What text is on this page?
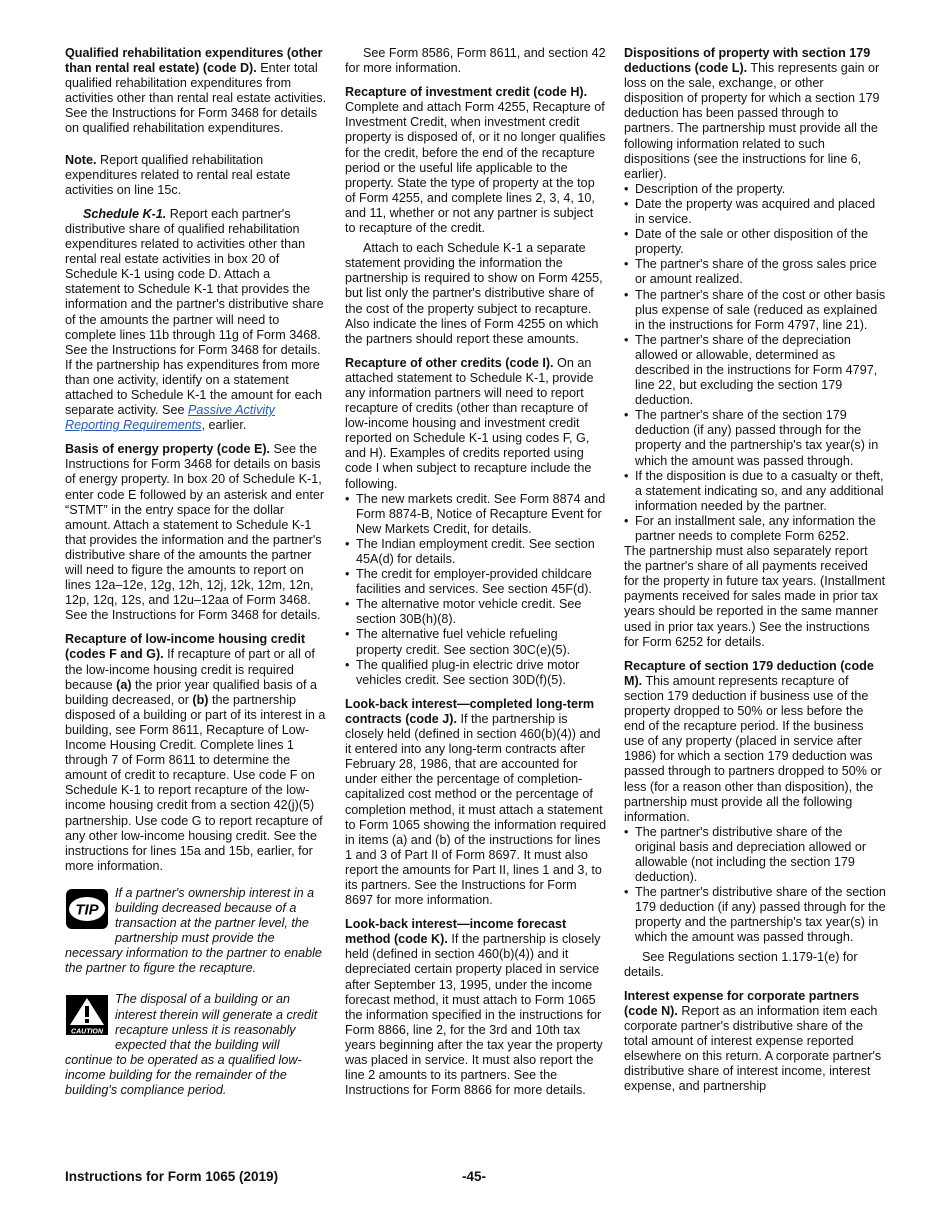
Qualified rehabilitation expenditures (other than rental real estate) (code D). Enter total qualified rehabilitation expenditures from activities other than rental real estate activities. See the Instructions for Form 3468 for details on qualified rehabilitation expenditures.

Note. Report qualified rehabilitation expenditures related to rental real estate activities on line 15c.

Schedule K-1. Report each partner's distributive share of qualified rehabilitation expenditures related to activities other than rental real estate activities in box 20 of Schedule K-1 using code D. Attach a statement to Schedule K-1 that provides the information and the partner's distributive share of the amounts the partner will need to complete lines 11b through 11g of Form 3468. See the Instructions for Form 3468 for details. If the partnership has expenditures from more than one activity, identify on a statement attached to Schedule K-1 the amount for each separate activity. See Passive Activity Reporting Requirements, earlier.

Basis of energy property (code E). See the Instructions for Form 3468 for details on basis of energy property. In box 20 of Schedule K-1, enter code E followed by an asterisk and enter “STMT” in the entry space for the dollar amount. Attach a statement to Schedule K-1 that provides the information and the partner's distributive share of the amounts the partner will need to figure the amounts to report on lines 12a–12e, 12g, 12h, 12j, 12k, 12m, 12n, 12p, 12q, 12s, and 12u–12aa of Form 3468. See the Instructions for Form 3468 for details.

Recapture of low-income housing credit (codes F and G). If recapture of part or all of the low-income housing credit is required because (a) the prior year qualified basis of a building decreased, or (b) the partnership disposed of a building or part of its interest in a building, see Form 8611, Recapture of Low-Income Housing Credit. Complete lines 1 through 7 of Form 8611 to determine the amount of credit to recapture. Use code F on Schedule K-1 to report recapture of the low-income housing credit from a section 42(j)(5) partnership. Use code G to report recapture of any other low-income housing credit. See the instructions for lines 15a and 15b, earlier, for more information.

TIP
If a partner's ownership interest in a building decreased because of a transaction at the partner level, the partnership must provide the necessary information to the partner to enable the partner to figure the recapture.
CAUTION
The disposal of a building or an interest therein will generate a credit recapture unless it is reasonably expected that the building will continue to be operated as a qualified low-income building for the remainder of the building's compliance period.

See Form 8586, Form 8611, and section 42 for more information.

Recapture of investment credit (code H). Complete and attach Form 4255, Recapture of Investment Credit, when investment credit property is disposed of, or it no longer qualifies for the credit, before the end of the recapture period or the useful life applicable to the property. State the type of property at the top of Form 4255, and complete lines 2, 3, 4, 10, and 11, whether or not any partner is subject to recapture of the credit.

Attach to each Schedule K-1 a separate statement providing the information the partnership is required to show on Form 4255, but list only the partner's distributive share of the cost of the property subject to recapture. Also indicate the lines of Form 4255 on which the partners should report these amounts.

Recapture of other credits (code I). On an attached statement to Schedule K-1, provide any information partners will need to report recapture of credits (other than recapture of low-income housing and investment credit reported on Schedule K-1 using codes F, G, and H). Examples of credits reported using code I when subject to recapture include the following.

• The new markets credit. See Form 8874 and Form 8874-B, Notice of Recapture Event for New Markets Credit, for details.
• The Indian employment credit. See section 45A(d) for details.
• The credit for employer-provided childcare facilities and services. See section 45F(d).
• The alternative motor vehicle credit. See section 30B(h)(8).
• The alternative fuel vehicle refueling property credit. See section 30C(e)(5).
• The qualified plug-in electric drive motor vehicles credit. See section 30D(f)(5).

Look-back interest—completed long-term contracts (code J). If the partnership is closely held (defined in section 460(b)(4)) and it entered into any long-term contracts after February 28, 1986, that are accounted for under either the percentage of completion-capitalized cost method or the percentage of completion method, it must attach a statement to Form 1065 showing the information required in items (a) and (b) of the instructions for lines 1 and 3 of Part II of Form 8697. It must also report the amounts for Part II, lines 1 and 3, to its partners. See the Instructions for Form 8697 for more information.

Look-back interest—income forecast method (code K). If the partnership is closely held (defined in section 460(b)(4)) and it depreciated certain property placed in service after September 13, 1995, under the income forecast method, it must attach to Form 1065 the information specified in the instructions for Form 8866, line 2, for the 3rd and 10th tax years beginning after the tax year the property was placed in service. It must also report the line 2 amounts to its partners. See the Instructions for Form 8866 for more details.

Dispositions of property with section 179 deductions (code L). This represents gain or loss on the sale, exchange, or other disposition of property for which a section 179 deduction has been passed through to partners. The partnership must provide all the following information related to such dispositions (see the instructions for line 6, earlier).

• Description of the property.
• Date the property was acquired and placed in service.
• Date of the sale or other disposition of the property.
• The partner's share of the gross sales price or amount realized.
• The partner's share of the cost or other basis plus expense of sale (reduced as explained in the instructions for Form 4797, line 21).
• The partner's share of the depreciation allowed or allowable, determined as described in the instructions for Form 4797, line 22, but excluding the section 179 deduction.
• The partner's share of the section 179 deduction (if any) passed through for the property and the partnership's tax year(s) in which the amount was passed through.
• If the disposition is due to a casualty or theft, a statement indicating so, and any additional information needed by the partner.
• For an installment sale, any information the partner needs to complete Form 6252.
The partnership must also separately report the partner's share of all payments received for the property in future tax years. (Installment payments received for sales made in prior tax years should be reported in the same manner used in prior tax years.) See the instructions for Form 6252 for details.

Recapture of section 179 deduction (code M). This amount represents recapture of section 179 deduction if business use of the property dropped to 50% or less before the end of the recapture period. If the business use of any property (placed in service after 1986) for which a section 179 deduction was passed through to partners dropped to 50% or less (for a reason other than disposition), the partnership must provide all the following information.

• The partner's distributive share of the original basis and depreciation allowed or allowable (not including the section 179 deduction).
• The partner's distributive share of the section 179 deduction (if any) passed through for the property and the partnership's tax year(s) in which the amount was passed through.

See Regulations section 1.179-1(e) for details.

Interest expense for corporate partners (code N). Report as an information item each corporate partner's distributive share of the total amount of interest expense reported elsewhere on this return. A corporate partner's distributive share of interest income, interest expense, and partnership

Instructions for Form 1065 (2019)	-45-
